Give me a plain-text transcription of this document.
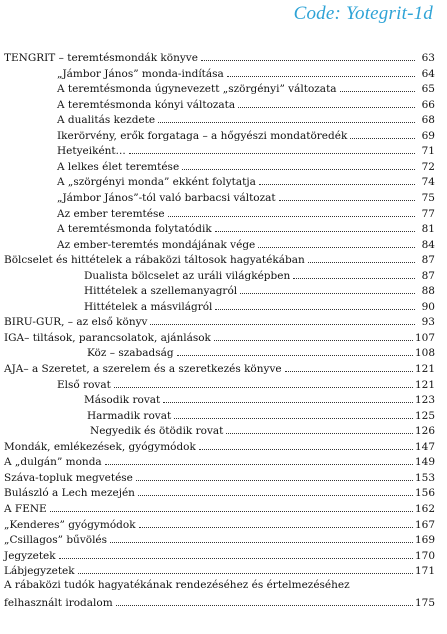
Code: Yotegrit-1d
TENGRIT – teremtésmondák könyve	63
„Jámbor János” monda-indítása	64
A teremtésmonda úgynevezett „szörgényi” változata	65
A teremtésmonda kónyi változata	66
A dualitás kezdete	68
Ikerörvény, erők forgataga – a hőgyészi mondatöredék	69
Hetyeiként...	71
A lelkes élet teremtése	72
A „szörgényi monda” ekként folytatja	74
„Jámbor János”-tól való barbacsi változat	75
Az ember teremtése	77
A teremtésmonda folytatódik	81
Az ember-teremtés mondájának vége	84
Bölcselet és hittételek a rábaközi táltosok hagyatékában	87
Dualista bölcselet az uráli világképben	87
Hittételek a szellemanyagról	88
Hittételek a másvilágról	90
BIRU-GUR, – az első könyv	93
IGA– tiltások, parancsolatok, ajánlások	107
Köz – szabadság	108
AJA– a Szeretet, a szerelem és a szeretkezés könyve	121
Első rovat	121
Második rovat	123
Harmadik rovat	125
Negyedik és ötödik rovat	126
Mondák, emlékezések, gyógymódok	147
A „dulgán” monda	149
Száva-topluk megvetése	153
Bulászló a Lech mezején	156
A FENE	162
„Kenderes” gyógymódok	167
„Csillagos” bűvölés	169
Jegyzetek	170
Lábjegyzetek	171
A rábaközi tudók hagyatékának rendezéséhez és értelmezéséhez
felhasznált irodalom	175
